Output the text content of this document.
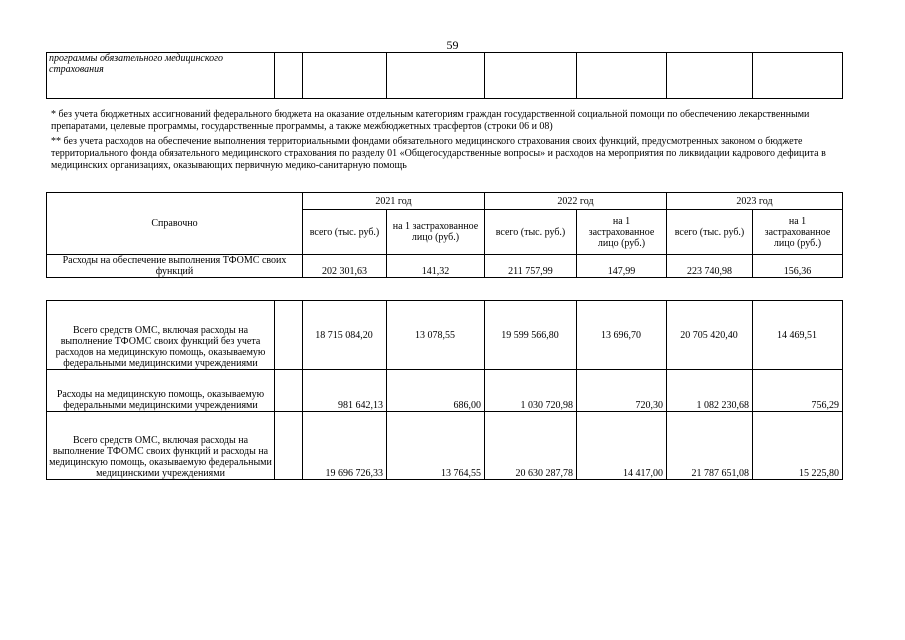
59
программы обязательного медицинского страхования							

* без учета бюджетных ассигнований федерального бюджета на оказание отдельным категориям граждан государственной социальной помощи по обеспечению лекарственными препаратами, целевые программы, государственные программы, а также межбюджетных трасфертов (строки 06 и 08)

** без учета расходов на обеспечение выполнения территориальными фондами обязательного медицинского страхования своих функций, предусмотренных законом о бюджете территориального фонда обязательного медицинского страхования по разделу 01 «Общегосударственные вопросы» и расходов на мероприятия по ликвидации кадрового дефицита в медицинских организациях, оказывающих первичную медико-санитарную помощь

Справочно	2021 год		2022 год		2023 год	
	всего (тыс. руб.)	на 1 застрахованное лицо (руб.)	всего (тыс. руб.)	на 1 застрахованное лицо (руб.)	всего (тыс. руб.)	на 1 застрахованное лицо (руб.)
Расходы на обеспечение выполнения ТФОМС своих функций	202 301,63	141,32	211 757,99	147,99	223 740,98	156,36
Всего средств ОМС, включая расходы на выполнение ТФОМС своих функций без учета расходов на медицинскую помощь, оказываемую федеральными медицинскими учреждениями		18 715 084,20	13 078,55	19 599 566,80	13 696,70	20 705 420,40	14 469,51
Расходы на медицинскую помощь, оказываемую федеральными медицинскими учреждениями		981 642,13	686,00	1 030 720,98	720,30	1 082 230,68	756,29
Всего средств ОМС, включая расходы на выполнение ТФОМС своих функций и расходы на медицинскую помощь, оказываемую федеральными медицинскими учреждениями		19 696 726,33	13 764,55	20 630 287,78	14 417,00	21 787 651,08	15 225,80
